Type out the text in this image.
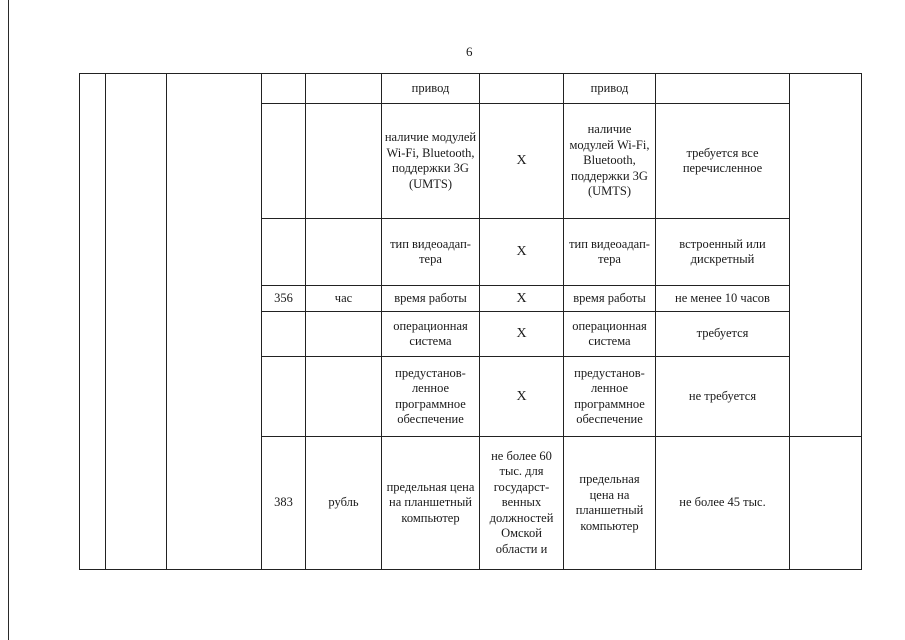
6
					привод		привод		
					наличие модулей Wi-Fi, Bluetooth, поддержки 3G (UMTS)	X	наличие модулей Wi-Fi, Bluetooth, поддержки 3G (UMTS)	требуется все перечисленное	
					тип видеоадап-тера	X	тип видеоадап-тера	встроенный или дискретный	
			356	час	время работы	X	время работы	не менее 10 часов	
					операционная система	X	операционная система	требуется	
					предустанов-ленное программное обеспечение	X	предустанов-ленное программное обеспечение	не требуется	
			383	рубль	предельная цена на планшетный компьютер	не более 60 тыс. для государст-венных должностей Омской области и	предельная цена на планшетный компьютер	не более 45 тыс.	
